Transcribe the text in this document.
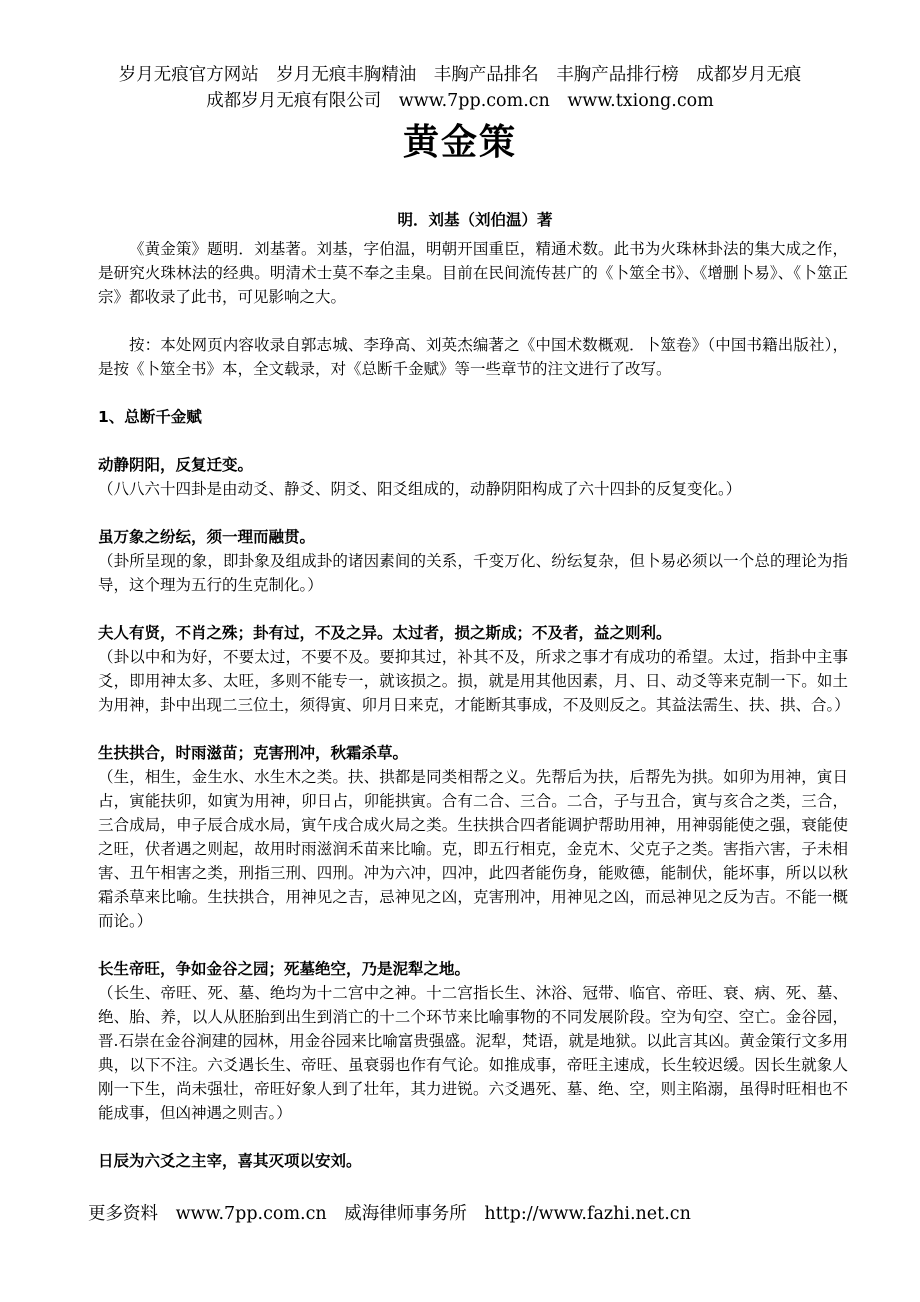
岁月无痕官方网站　岁月无痕丰胸精油　丰胸产品排名　丰胸产品排行榜　成都岁月无痕
成都岁月无痕有限公司　www.7pp.com.cn　www.txiong.com
黄金策
明．刘基（刘伯温）著

《黄金策》题明．刘基著。刘基，字伯温，明朝开国重臣，精通术数。此书为火珠林卦法的集大成之作，是研究火珠林法的经典。明清术士莫不奉之圭臬。目前在民间流传甚广的《卜筮全书》、《增删卜易》、《卜筮正宗》都收录了此书，可见影响之大。

按：本处网页内容收录自郭志城、李琤高、刘英杰编著之《中国术数概观．卜筮卷》（中国书籍出版社），是按《卜筮全书》本，全文载录，对《总断千金赋》等一些章节的注文进行了改写。

1、总断千金赋

动静阴阳，反复迁变。

（八八六十四卦是由动爻、静爻、阴爻、阳爻组成的，动静阴阳构成了六十四卦的反复变化。）

虽万象之纷纭，须一理而融贯。

（卦所呈现的象，即卦象及组成卦的诸因素间的关系，千变万化、纷纭复杂，但卜易必须以一个总的理论为指导，这个理为五行的生克制化。）

夫人有贤，不肖之殊；卦有过，不及之异。太过者，损之斯成；不及者，益之则利。

（卦以中和为好，不要太过，不要不及。要抑其过，补其不及，所求之事才有成功的希望。太过，指卦中主事爻，即用神太多、太旺，多则不能专一，就该损之。损，就是用其他因素，月、日、动爻等来克制一下。如土为用神，卦中出现二三位土，须得寅、卯月日来克，才能断其事成，不及则反之。其益法需生、扶、拱、合。）

生扶拱合，时雨滋苗；克害刑冲，秋霜杀草。

（生，相生，金生水、水生木之类。扶、拱都是同类相帮之义。先帮后为扶，后帮先为拱。如卯为用神，寅日占，寅能扶卯，如寅为用神，卯日占，卯能拱寅。合有二合、三合。二合，子与丑合，寅与亥合之类，三合，三合成局，申子辰合成水局，寅午戌合成火局之类。生扶拱合四者能调护帮助用神，用神弱能使之强，衰能使之旺，伏者遇之则起，故用时雨滋润禾苗来比喻。克，即五行相克，金克木、父克子之类。害指六害，子未相害、丑午相害之类，刑指三刑、四刑。冲为六冲，四冲，此四者能伤身，能败德，能制伏，能坏事，所以以秋霜杀草来比喻。生扶拱合，用神见之吉，忌神见之凶，克害刑冲，用神见之凶，而忌神见之反为吉。不能一概而论。）

长生帝旺，争如金谷之园；死墓绝空，乃是泥犁之地。

（长生、帝旺、死、墓、绝均为十二宫中之神。十二宫指长生、沐浴、冠带、临官、帝旺、衰、病、死、墓、绝、胎、养，以人从胚胎到出生到消亡的十二个环节来比喻事物的不同发展阶段。空为旬空、空亡。金谷园，晋.石崇在金谷涧建的园林，用金谷园来比喻富贵强盛。泥犁，梵语，就是地狱。以此言其凶。黄金策行文多用典，以下不注。六爻遇长生、帝旺、虽衰弱也作有气论。如推成事，帝旺主速成，长生较迟缓。因长生就象人刚一下生，尚未强壮，帝旺好象人到了壮年，其力进锐。六爻遇死、墓、绝、空，则主陷溺，虽得时旺相也不能成事，但凶神遇之则吉。）

日辰为六爻之主宰，喜其灭项以安刘。

更多资料 www.7pp.com.cn 威海律师事务所 http://www.fazhi.net.cn
